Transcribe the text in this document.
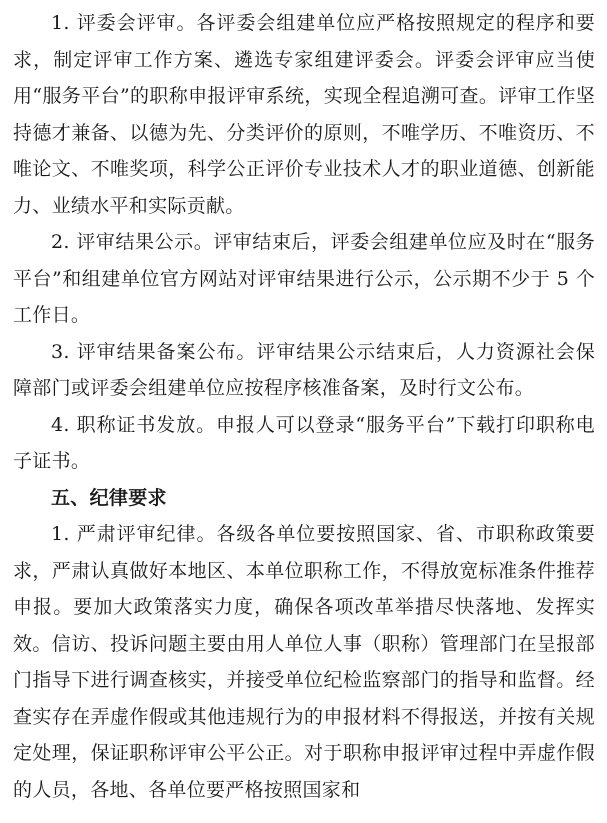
1. 评委会评审。各评委会组建单位应严格按照规定的程序和要求，制定评审工作方案、遴选专家组建评委会。评委会评审应当使用“服务平台”的职称申报评审系统，实现全程追溯可查。评审工作坚持德才兼备、以德为先、分类评价的原则，不唯学历、不唯资历、不唯论文、不唯奖项，科学公正评价专业技术人才的职业道德、创新能力、业绩水平和实际贡献。

2. 评审结果公示。评审结束后，评委会组建单位应及时在“服务平台”和组建单位官方网站对评审结果进行公示，公示期不少于 5 个工作日。

3. 评审结果备案公布。评审结果公示结束后，人力资源社会保障部门或评委会组建单位应按程序核准备案，及时行文公布。

4. 职称证书发放。申报人可以登录“服务平台”下载打印职称电子证书。

五、纪律要求

1. 严肃评审纪律。各级各单位要按照国家、省、市职称政策要求，严肃认真做好本地区、本单位职称工作，不得放宽标准条件推荐申报。要加大政策落实力度，确保各项改革举措尽快落地、发挥实效。信访、投诉问题主要由用人单位人事（职称）管理部门在呈报部门指导下进行调查核实，并接受单位纪检监察部门的指导和监督。经查实存在弄虚作假或其他违规行为的申报材料不得报送，并按有关规定处理，保证职称评审公平公正。对于职称申报评审过程中弄虚作假的人员，各地、各单位要严格按照国家和
